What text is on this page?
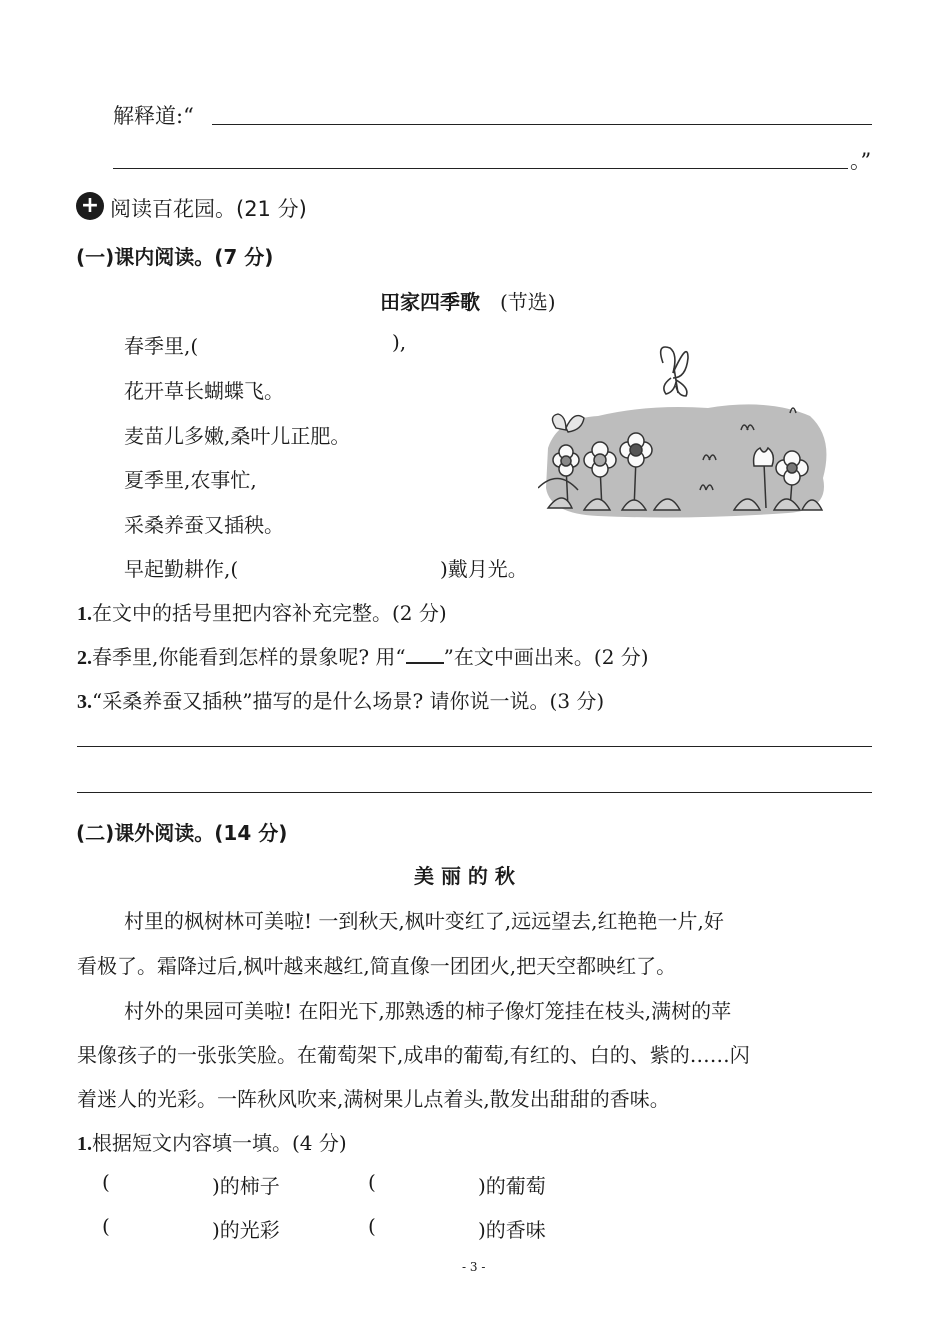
解释道:“
。”
+ 阅读百花园。(21 分)
(一)课内阅读。(7 分)
田家四季歌 (节选)
春季里,(	),
花开草长蝴蝶飞。
麦苗儿多嫩,桑叶儿正肥。
夏季里,农事忙,
采桑养蚕又插秧。
早起勤耕作,(	)戴月光。
1.在文中的括号里把内容补充完整。(2 分)
2.春季里,你能看到怎样的景象呢? 用“ ”在文中画出来。(2 分)
3.“采桑养蚕又插秧”描写的是什么场景? 请你说一说。(3 分)
(二)课外阅读。(14 分)
美 丽 的 秋
村里的枫树林可美啦! 一到秋天,枫叶变红了,远远望去,红艳艳一片,好
看极了。霜降过后,枫叶越来越红,简直像一团团火,把天空都映红了。
村外的果园可美啦! 在阳光下,那熟透的柿子像灯笼挂在枝头,满树的苹
果像孩子的一张张笑脸。在葡萄架下,成串的葡萄,有红的、白的、紫的……闪
着迷人的光彩。一阵秋风吹来,满树果儿点着头,散发出甜甜的香味。
1.根据短文内容填一填。(4 分)
(	)的柿子	(	)的葡萄
(	)的光彩	(	)的香味
- 3 -
